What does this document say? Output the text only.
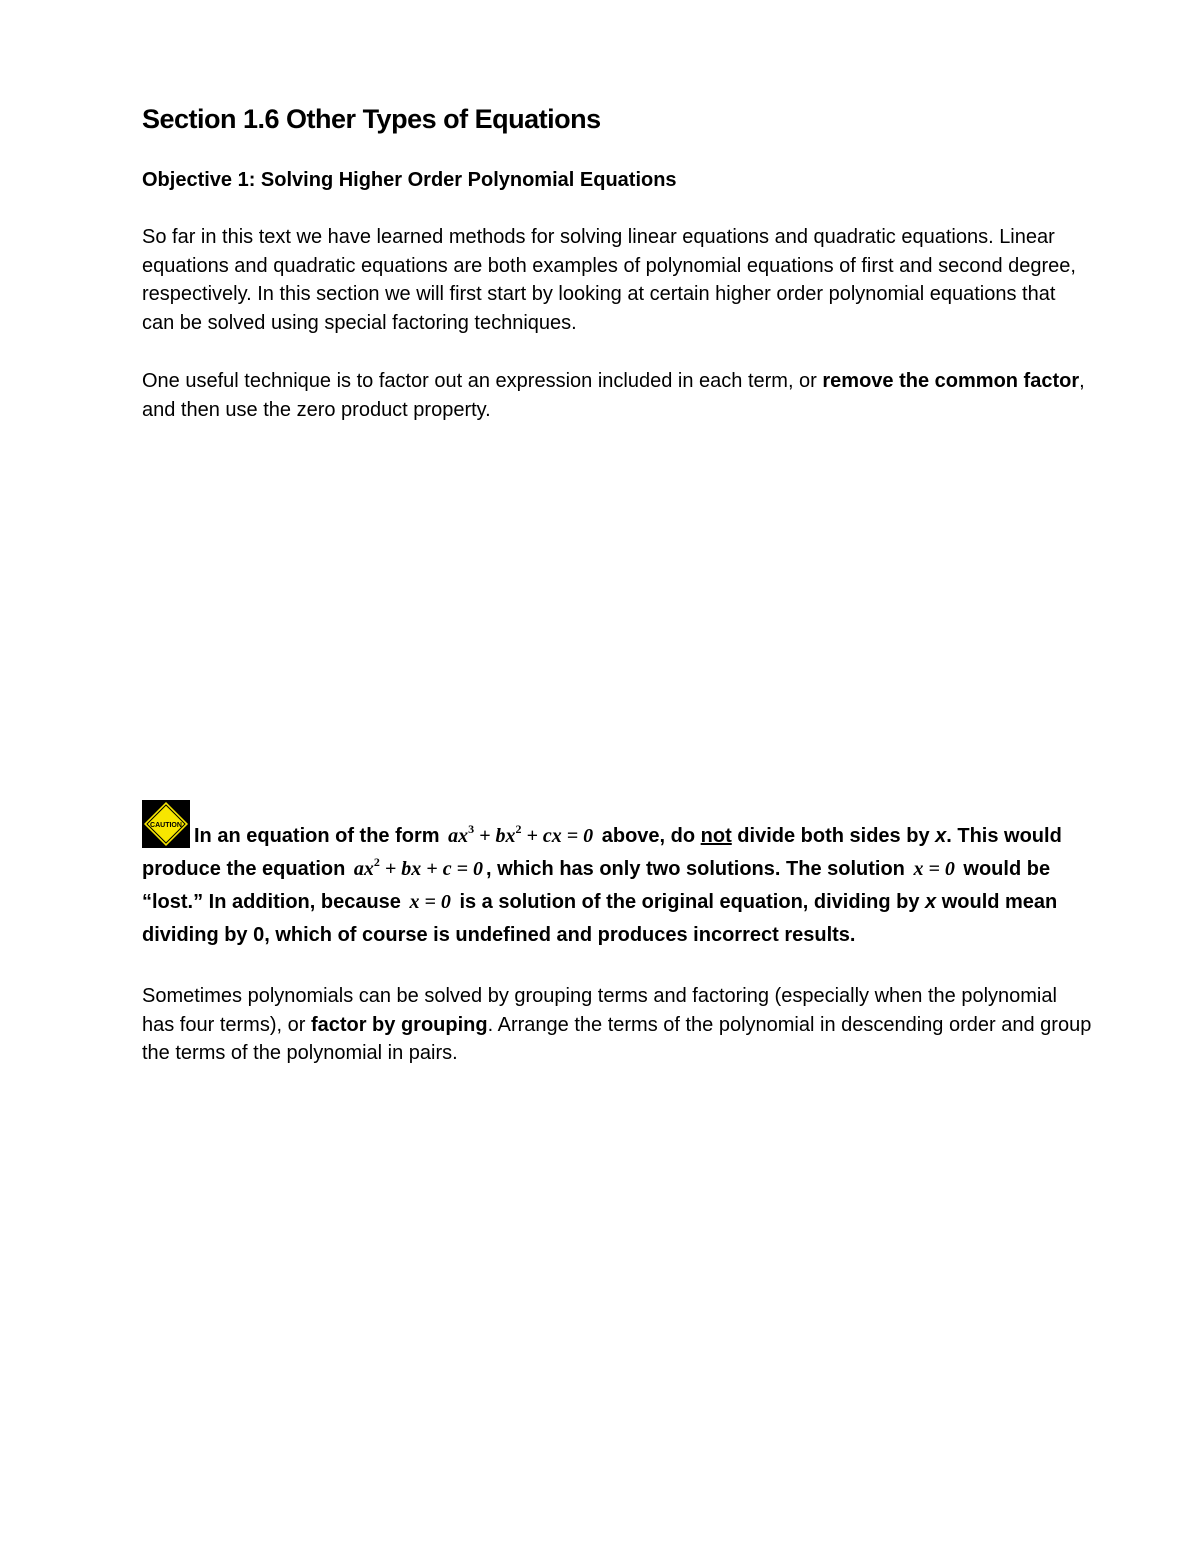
Section 1.6 Other Types of Equations
Objective 1: Solving Higher Order Polynomial Equations

So far in this text we have learned methods for solving linear equations and quadratic equations. Linear equations and quadratic equations are both examples of polynomial equations of first and second degree, respectively. In this section we will first start by looking at certain higher order polynomial equations that can be solved using special factoring techniques.

One useful technique is to factor out an expression included in each term, or remove the common factor, and then use the zero product property.

CAUTION In an equation of the form $ax^3 + bx^2$ + cx = 0 above, do not divide both sides by x. This would produce the equation $ax^2$ + bx + c = 0 , which has only two solutions. The solution x = 0 would be “lost.” In addition, because x = 0 is a solution of the original equation, dividing by x would mean dividing by 0, which of course is undefined and produces incorrect results.

Sometimes polynomials can be solved by grouping terms and factoring (especially when the polynomial has four terms), or factor by grouping. Arrange the terms of the polynomial in descending order and group the terms of the polynomial in pairs.
